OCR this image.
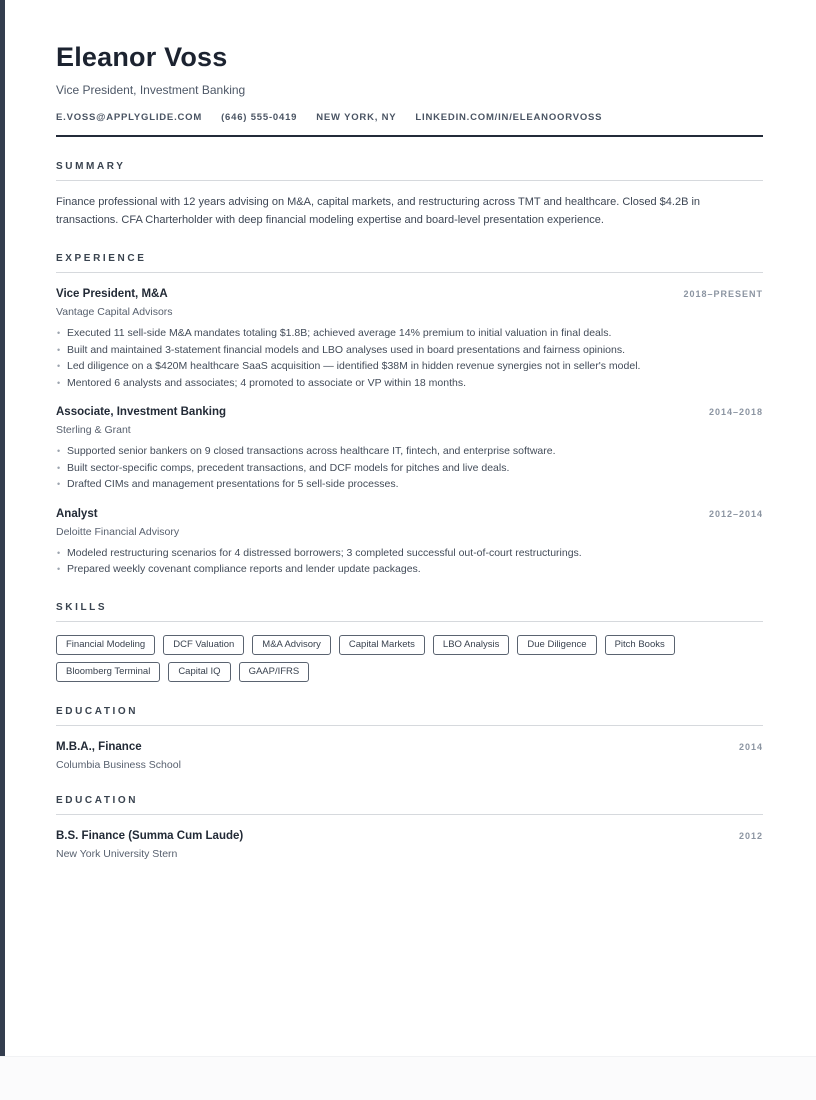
Eleanor Voss

Vice President, Investment Banking

E.VOSS@APPLYGLIDE.COM (646) 555-0419 NEW YORK, NY LINKEDIN.COM/IN/ELEANOORVOSS
SUMMARY

Finance professional with 12 years advising on M&A, capital markets, and restructuring across TMT and healthcare. Closed $4.2B in transactions. CFA Charterholder with deep financial modeling expertise and board-level presentation experience.

EXPERIENCE
Vice President, M&A	2018–PRESENT

Vantage Capital Advisors

• Executed 11 sell-side M&A mandates totaling $1.8B; achieved average 14% premium to initial valuation in final deals.
• Built and maintained 3-statement financial models and LBO analyses used in board presentations and fairness opinions.
• Led diligence on a $420M healthcare SaaS acquisition — identified $38M in hidden revenue synergies not in seller's model.
• Mentored 6 analysts and associates; 4 promoted to associate or VP within 18 months.
Associate, Investment Banking	2014–2018

Sterling & Grant

• Supported senior bankers on 9 closed transactions across healthcare IT, fintech, and enterprise software.
• Built sector-specific comps, precedent transactions, and DCF models for pitches and live deals.
• Drafted CIMs and management presentations for 5 sell-side processes.
Analyst	2012–2014

Deloitte Financial Advisory

• Modeled restructuring scenarios for 4 distressed borrowers; 3 completed successful out-of-court restructurings.
• Prepared weekly covenant compliance reports and lender update packages.
SKILLS
Financial Modeling	DCF Valuation	M&A Advisory	Capital Markets	LBO Analysis	Due Diligence	Pitch Books
Bloomberg Terminal	Capital IQ	GAAP/IFRS
EDUCATION
M.B.A., Finance	2014

Columbia Business School

EDUCATION
B.S. Finance (Summa Cum Laude)	2012

New York University Stern
